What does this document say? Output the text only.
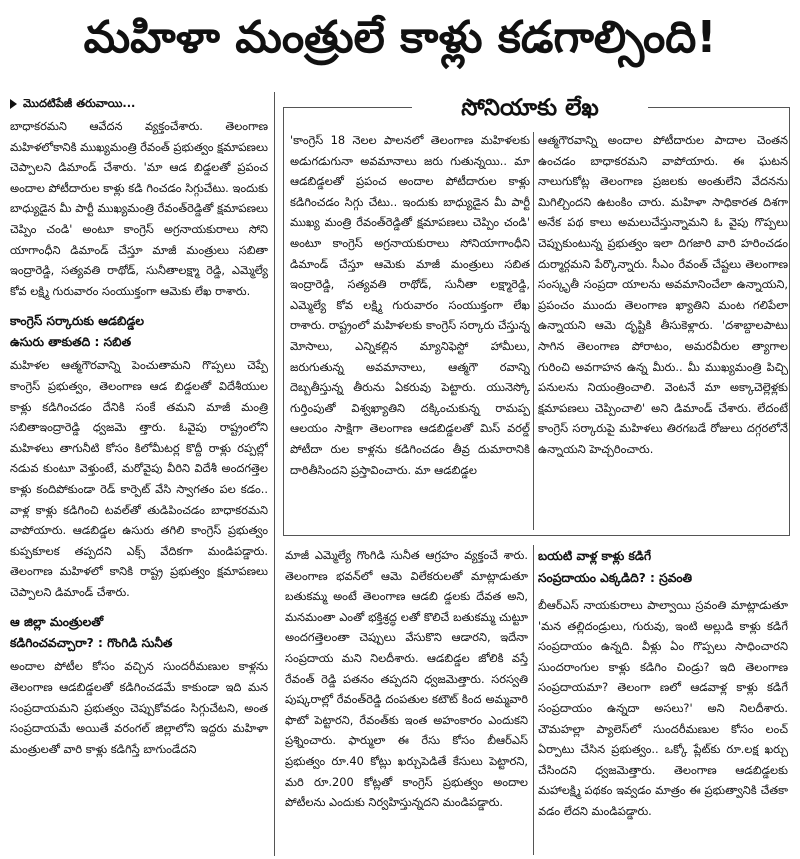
మహిళా మంత్రులే కాళ్లు కడగాల్సింది!
మొదటిపేజీ తరువాయి...

బాధాకరమని ఆవేదన వ్యక్తంచేశారు. తెలంగాణ మహిళలోకానికి ముఖ్యమంత్రి రేవంత్ ప్రభుత్వం క్షమాపణలు చెప్పాలని డిమాండ్ చేశారు. 'మా ఆడ బిడ్డలతో ప్రపంచ అందాల పోటీదారుల కాళ్లు కడి గించడం సిగ్గుచేటు. ఇందుకు బాధ్యుడైన మీ పార్టీ ముఖ్యమంత్రి రేవంత్‌రెడ్డితో క్షమాపణలు చెప్పిం చండి' అంటూ కాంగ్రెస్ అగ్రనాయకురాలు సోని యాగాంధీని డిమాండ్ చేస్తూ మాజీ మంత్రులు సబితా ఇంద్రారెడ్డి, సత్యవతి రాథోడ్, సునీతాలక్ష్మా రెడ్డి, ఎమ్మెల్యే కోవ లక్ష్మి గురువారం సంయుక్తంగా ఆమెకు లేఖ రాశారు.

కాంగ్రెస్ సర్కారుకు ఆడబిడ్డల
ఉసురు తాకుతది : సబిత

మహిళల ఆత్మగౌరవాన్ని పెంచుతామని గొప్పలు చెప్పే కాంగ్రెస్ ప్రభుత్వం, తెలంగాణ ఆడ బిడ్డలతో విదేశీయుల కాళ్లు కడిగించడం దేనికి సంకే తమని మాజీ మంత్రి సబితాఇంద్రారెడ్డి ధ్వజమె త్తారు. ఓవైపు రాష్ట్రంలోని మహిళలు తాగునీటి కోసం కిలోమీటర్ల కొద్దీ రాళ్లు రప్పల్లో నడువ కుంటూ వెళ్తుంటే, మరోవైపు వీరిని విదేశీ అందగత్తెల కాళ్లు కందిపోకుండా రెడ్ కార్పెట్ వేసి స్వాగతం పల కడం.. వాళ్ల కాళ్లు కడిగించి టవల్‌తో తుడిపించడం బాధాకరమని వాపోయారు. ఆడబిడ్డల ఉసురు తగిలి కాంగ్రెస్ ప్రభుత్వం కుప్పకూలక తప్పదని ఎక్స్ వేదికగా మండిపడ్డారు. తెలంగాణ మహిళలో కానికి రాష్ట్ర ప్రభుత్వం క్షమాపణలు చెప్పాలని డిమాండ్ చేశారు.

ఆ జిల్లా మంత్రులతో
కడిగించవచ్చారా? : గొంగిడి సునీత

అందాల పోటీల కోసం వచ్చిన సుందరీమణుల కాళ్లను తెలంగాణ ఆడబిడ్డలతో కడిగించడమే కాకుండా ఇది మన సంప్రదాయమని ప్రభుత్వం చెప్పుకోవడం సిగ్గుచేటని, అంత సంప్రదాయమే అయితే వరంగల్ జిల్లాలోని ఇద్దరు మహిళా మంత్రులతో వారి కాళ్లు కడిగిస్తే బాగుండేదని

సోనియాకు లేఖ

'కాంగ్రెస్ 18 నెలల పాలనలో తెలంగాణ మహిళలకు అడుగడుగునా అవమానాలు జరు గుతున్నయి.. మా ఆడబిడ్డలతో ప్రపంచ అందాల పోటీదారుల కాళ్లు కడిగించడం సిగ్గు చేటు.. ఇందుకు బాధ్యుడైన మీ పార్టీ ముఖ్య మంత్రి రేవంత్‌రెడ్డితో క్షమాపణలు చెప్పిం చండి' అంటూ కాంగ్రెస్ అగ్రనాయకురాలు సోనియాగాంధీని డిమాండ్ చేస్తూ ఆమెకు మాజీ మంత్రులు సబిత ఇంద్రారెడ్డి, సత్యవతి రాథోడ్, సునీతా లక్ష్మారెడ్డి, ఎమ్మెల్యే కోవ లక్ష్మి గురువారం సంయుక్తంగా లేఖ రాశారు. రాష్ట్రంలో మహిళలకు కాంగ్రెస్ సర్కారు చేస్తున్న మోసాలు, ఎన్నికల్లిన మ్యానిఫెస్టో హామీలు, జరుగుతున్న అవమానాలు, ఆత్మగౌ రవాన్ని దెబ్బతీస్తున్న తీరును ఏకరువు పెట్టారు. యునెస్కో గుర్తింపుతో విశ్వఖ్యాతిని దక్కించుకున్న రామప్ప ఆలయం సాక్షిగా తెలంగాణ ఆడబిడ్డలతో మిస్ వరల్డ్ పోటీదా రుల కాళ్లను కడిగించడం తీవ్ర దుమారానికి దారితీసిందని ప్రస్తావించారు. మా ఆడబిడ్డల

ఆత్మగౌరవాన్ని అందాల పోటీదారుల పాదాల చెంతన ఉంచడం బాధాకరమని వాపోయారు. ఈ ఘటన నాలుగుకోట్ల తెలంగాణ ప్రజలకు అంతులేని వేదనను మిగిల్చిందని ఉటంకిం చారు. మహిళా సాధికారత దిశగా అనేక పథ కాలు అమలుచేస్తున్నామని ఓ వైపు గొప్పలు చెప్పుకుంటున్న ప్రభుత్వం ఇలా దిగజారి వారి హరించడం దుర్మార్గమని పేర్కొన్నారు. సీఎం రేవంత్ చేష్టలు తెలంగాణ సంస్కృతీ సంప్రదా యాలను అవమానించేలా ఉన్నాయని, ప్రపంచం ముందు తెలంగాణ ఖ్యాతిని మంట గలిపేలా ఉన్నాయని ఆమె దృష్టికి తీసుకెళ్లారు. 'దశాబ్దాలపాటు సాగిన తెలంగాణ పోరాటం, అమరవీరుల త్యాగాల గురించి అవగాహన ఉన్న మీరు.. మీ ముఖ్యమంత్రి పిచ్చి పనులను నియంత్రించాలి. వెంటనే మా అక్కాచెల్లెళ్లకు క్షమాపణలు చెప్పించాలి' అని డిమాండ్ చేశారు. లేదంటే కాంగ్రెస్ సర్కారుపై మహిళలు తిరగబడే రోజులు దగ్గరలోనే ఉన్నాయని హెచ్చరించారు.

మాజీ ఎమ్మెల్యే గొంగిడి సునీత ఆగ్రహం వ్యక్తంచే శారు. తెలంగాణ భవన్‌లో ఆమె విలేకరులతో మాట్లాడుతూ బతుకమ్మ అంటే తెలంగాణ ఆడబి డ్డలకు దేవత అని, మనమంతా ఎంతో భక్తిశ్రద్ధ లతో కొలిచే బతుకమ్మ చుట్టూ అందగత్తెలంతా చెప్పులు వేసుకొని ఆడారని, ఇదేనా సంప్రదాయ మని నిలదీశారు. ఆడబిడ్డల జోలికి వస్తే రేవంత్ రెడ్డి పతనం తప్పదని ధ్వజమెత్తారు. సరస్వతి పుష్కరాల్లో రేవంత్‌రెడ్డి దంపతుల కటౌట్ కింద అమ్మవారి ఫొటో పెట్టారని, రేవంత్‌కు ఇంత అహంకారం ఎందుకని ప్రశ్నించారు. ఫార్ములా ఈ రేసు కోసం బీఆర్ఎస్ ప్రభుత్వం రూ.40 కోట్లు ఖర్చుపెడితే కేసులు పెట్టారని, మరి రూ.200 కోట్లతో కాంగ్రెస్ ప్రభుత్వం అందాల పోటీలను ఎందుకు నిర్వహిస్తున్నదని మండిపడ్డారు.

బయటి వాళ్ల కాళ్లు కడిగే
సంప్రదాయం ఎక్కడిది? : స్రవంతి

బీఆర్ఎస్ నాయకురాలు పాల్వాయి స్రవంతి మాట్లాడుతూ 'మన తల్లిదండ్రులు, గురువు, ఇంటి అల్లుడి కాళ్లు కడిగే సంప్రదాయం ఉన్నది. వీళ్లు ఏం గొప్పలు సాధించారని సుందరాంగుల కాళ్లు కడిగిం చిండ్రు? ఇది తెలంగాణ సంప్రదాయమా? తెలంగా ణలో ఆడవాళ్ల కాళ్లు కడిగే సంప్రదాయం ఉన్నదా అసలు?' అని నిలదీశారు. చౌమహల్లా ప్యాలెస్‌లో సుందరీమణుల కోసం లంచ్ ఏర్పాటు చేసిన ప్రభుత్వం.. ఒక్కో ప్లేట్‌కు రూ.లక్ష ఖర్చు చేసిందని ధ్వజమెత్తారు. తెలంగాణ ఆడబిడ్డలకు మహాలక్ష్మి పథకం ఇవ్వడం మాత్రం ఈ ప్రభుత్వానికి చేతకా వడం లేదని మండిపడ్డారు.
